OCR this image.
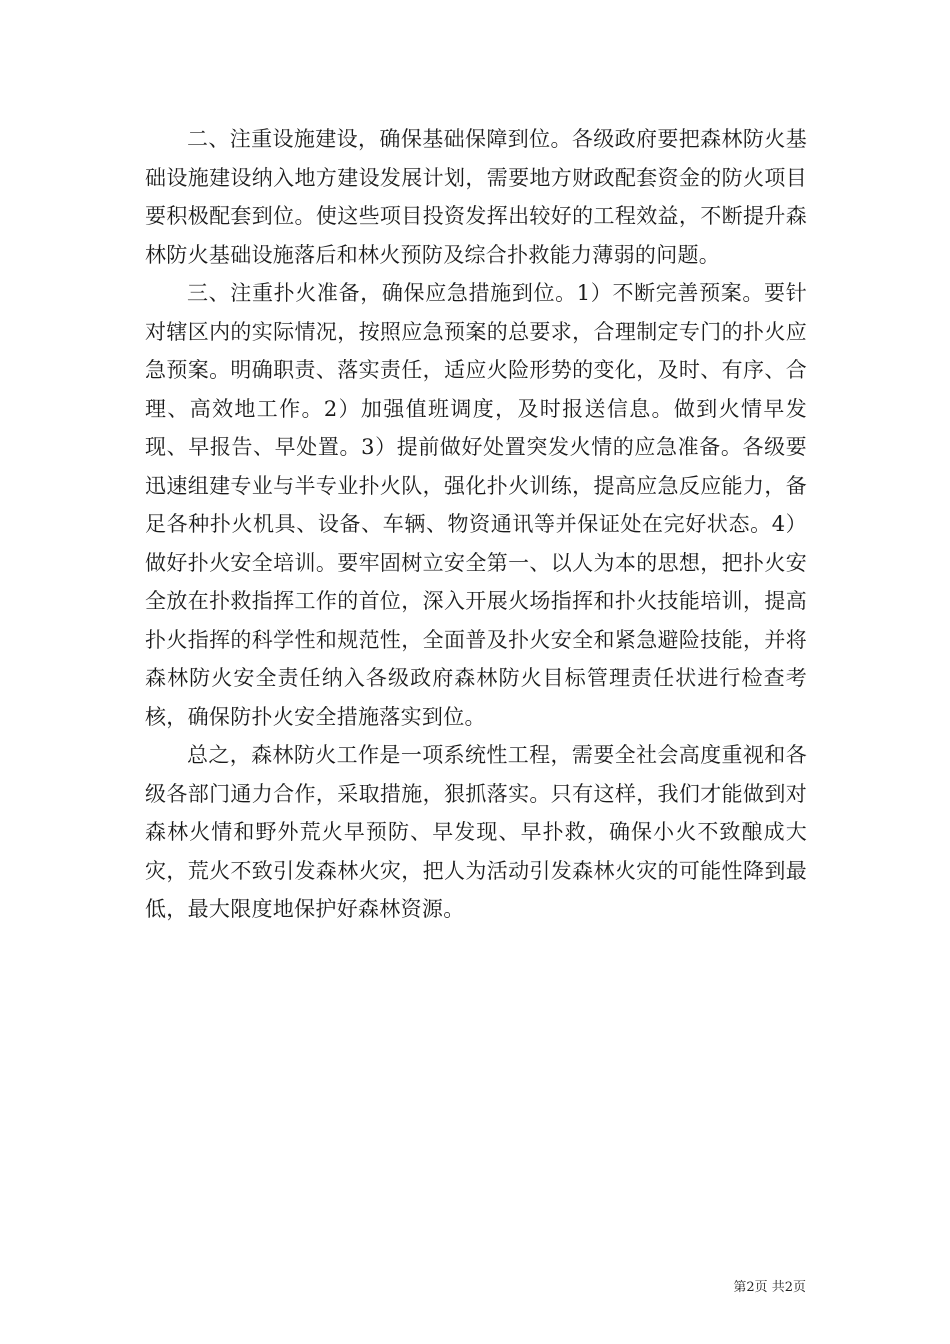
二、注重设施建设，确保基础保障到位。各级政府要把森林防火基础设施建设纳入地方建设发展计划，需要地方财政配套资金的防火项目要积极配套到位。使这些项目投资发挥出较好的工程效益，不断提升森林防火基础设施落后和林火预防及综合扑救能力薄弱的问题。

三、注重扑火准备，确保应急措施到位。1）不断完善预案。要针对辖区内的实际情况，按照应急预案的总要求，合理制定专门的扑火应急预案。明确职责、落实责任，适应火险形势的变化，及时、有序、合理、高效地工作。2）加强值班调度，及时报送信息。做到火情早发现、早报告、早处置。3）提前做好处置突发火情的应急准备。各级要迅速组建专业与半专业扑火队，强化扑火训练，提高应急反应能力，备足各种扑火机具、设备、车辆、物资通讯等并保证处在完好状态。4）做好扑火安全培训。要牢固树立安全第一、以人为本的思想，把扑火安全放在扑救指挥工作的首位，深入开展火场指挥和扑火技能培训，提高扑火指挥的科学性和规范性，全面普及扑火安全和紧急避险技能，并将森林防火安全责任纳入各级政府森林防火目标管理责任状进行检查考核，确保防扑火安全措施落实到位。

总之，森林防火工作是一项系统性工程，需要全社会高度重视和各级各部门通力合作，采取措施，狠抓落实。只有这样，我们才能做到对森林火情和野外荒火早预防、早发现、早扑救，确保小火不致酿成大灾，荒火不致引发森林火灾，把人为活动引发森林火灾的可能性降到最低，最大限度地保护好森林资源。

第2页 共2页
